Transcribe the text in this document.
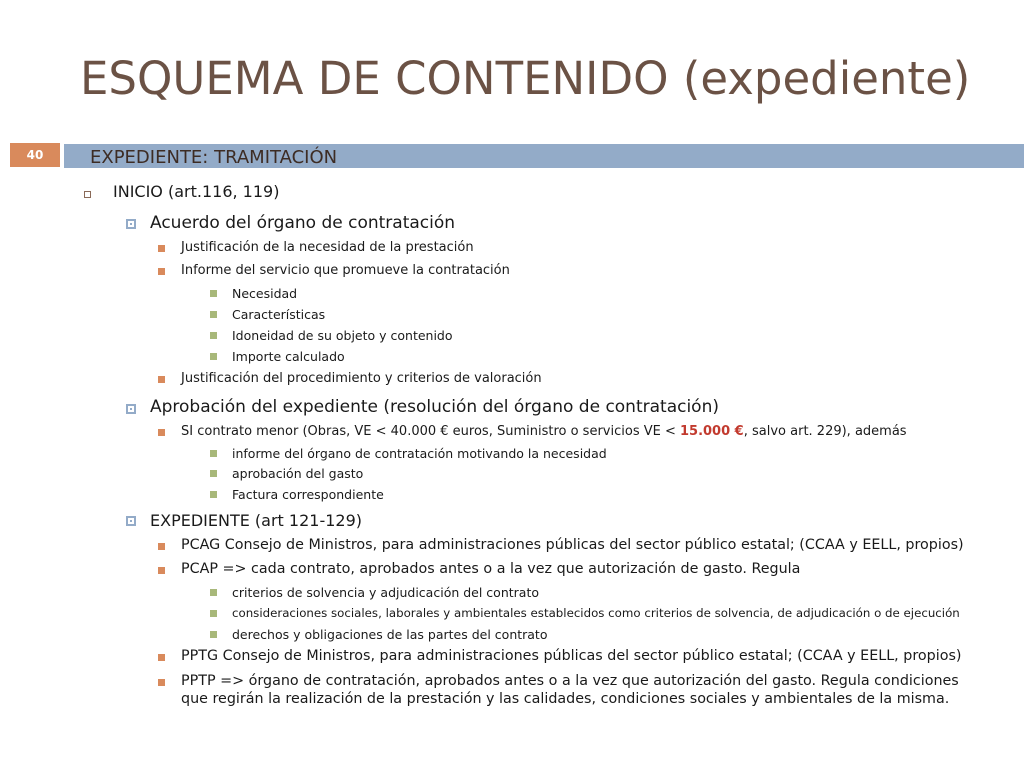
ESQUEMA DE CONTENIDO (expediente)
40	EXPEDIENTE: TRAMITACIÓN
INICIO (art.116, 119)
Acuerdo del órgano de contratación
Justificación de la necesidad de la prestación
Informe del servicio que promueve la contratación
Necesidad
Características
Idoneidad de su objeto y contenido
Importe calculado
Justificación del procedimiento y criterios de valoración
Aprobación del expediente (resolución del órgano de contratación)
SI contrato menor (Obras, VE < 40.000 € euros, Suministro o servicios VE < 15.000 €, salvo art. 229), además
informe del órgano de contratación motivando la necesidad
aprobación del gasto
Factura correspondiente
EXPEDIENTE (art 121-129)
PCAG Consejo de Ministros, para administraciones públicas del sector público estatal; (CCAA y EELL, propios)
PCAP => cada contrato, aprobados antes o a la vez que autorización de gasto. Regula
criterios de solvencia y adjudicación del contrato
consideraciones sociales, laborales y ambientales establecidos como criterios de solvencia, de adjudicación o de ejecución
derechos y obligaciones de las partes del contrato
PPTG Consejo de Ministros, para administraciones públicas del sector público estatal; (CCAA y EELL, propios)
PPTP => órgano de contratación, aprobados antes o a la vez que autorización del gasto. Regula condiciones
que regirán la realización de la prestación y las calidades, condiciones sociales y ambientales de la misma.
